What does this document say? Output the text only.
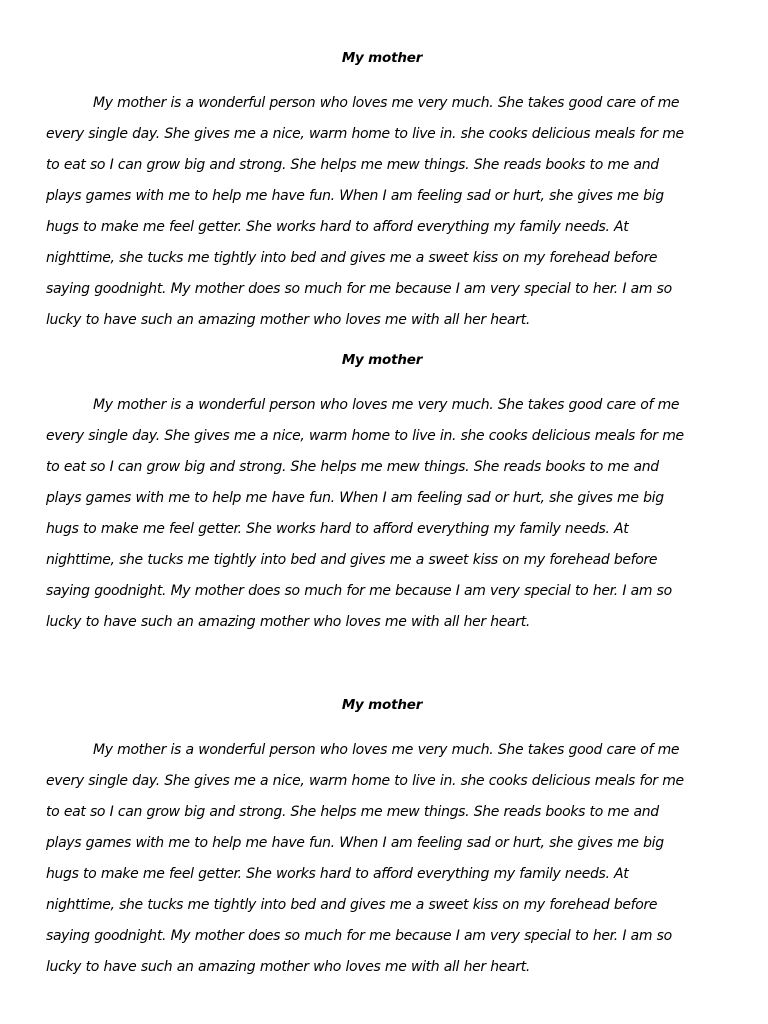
My mother
My mother is a wonderful person who loves me very much. She takes good care of me
every single day. She gives me a nice, warm home to live in. she cooks delicious meals for me
to eat so I can grow big and strong. She helps me mew things. She reads books to me and
plays games with me to help me have fun. When I am feeling sad or hurt, she gives me big
hugs to make me feel getter. She works hard to afford everything my family needs. At
nighttime, she tucks me tightly into bed and gives me a sweet kiss on my forehead before
saying goodnight. My mother does so much for me because I am very special to her. I am so
lucky to have such an amazing mother who loves me with all her heart.
My mother
My mother is a wonderful person who loves me very much. She takes good care of me
every single day. She gives me a nice, warm home to live in. she cooks delicious meals for me
to eat so I can grow big and strong. She helps me mew things. She reads books to me and
plays games with me to help me have fun. When I am feeling sad or hurt, she gives me big
hugs to make me feel getter. She works hard to afford everything my family needs. At
nighttime, she tucks me tightly into bed and gives me a sweet kiss on my forehead before
saying goodnight. My mother does so much for me because I am very special to her. I am so
lucky to have such an amazing mother who loves me with all her heart.
My mother
My mother is a wonderful person who loves me very much. She takes good care of me
every single day. She gives me a nice, warm home to live in. she cooks delicious meals for me
to eat so I can grow big and strong. She helps me mew things. She reads books to me and
plays games with me to help me have fun. When I am feeling sad or hurt, she gives me big
hugs to make me feel getter. She works hard to afford everything my family needs. At
nighttime, she tucks me tightly into bed and gives me a sweet kiss on my forehead before
saying goodnight. My mother does so much for me because I am very special to her. I am so
lucky to have such an amazing mother who loves me with all her heart.
